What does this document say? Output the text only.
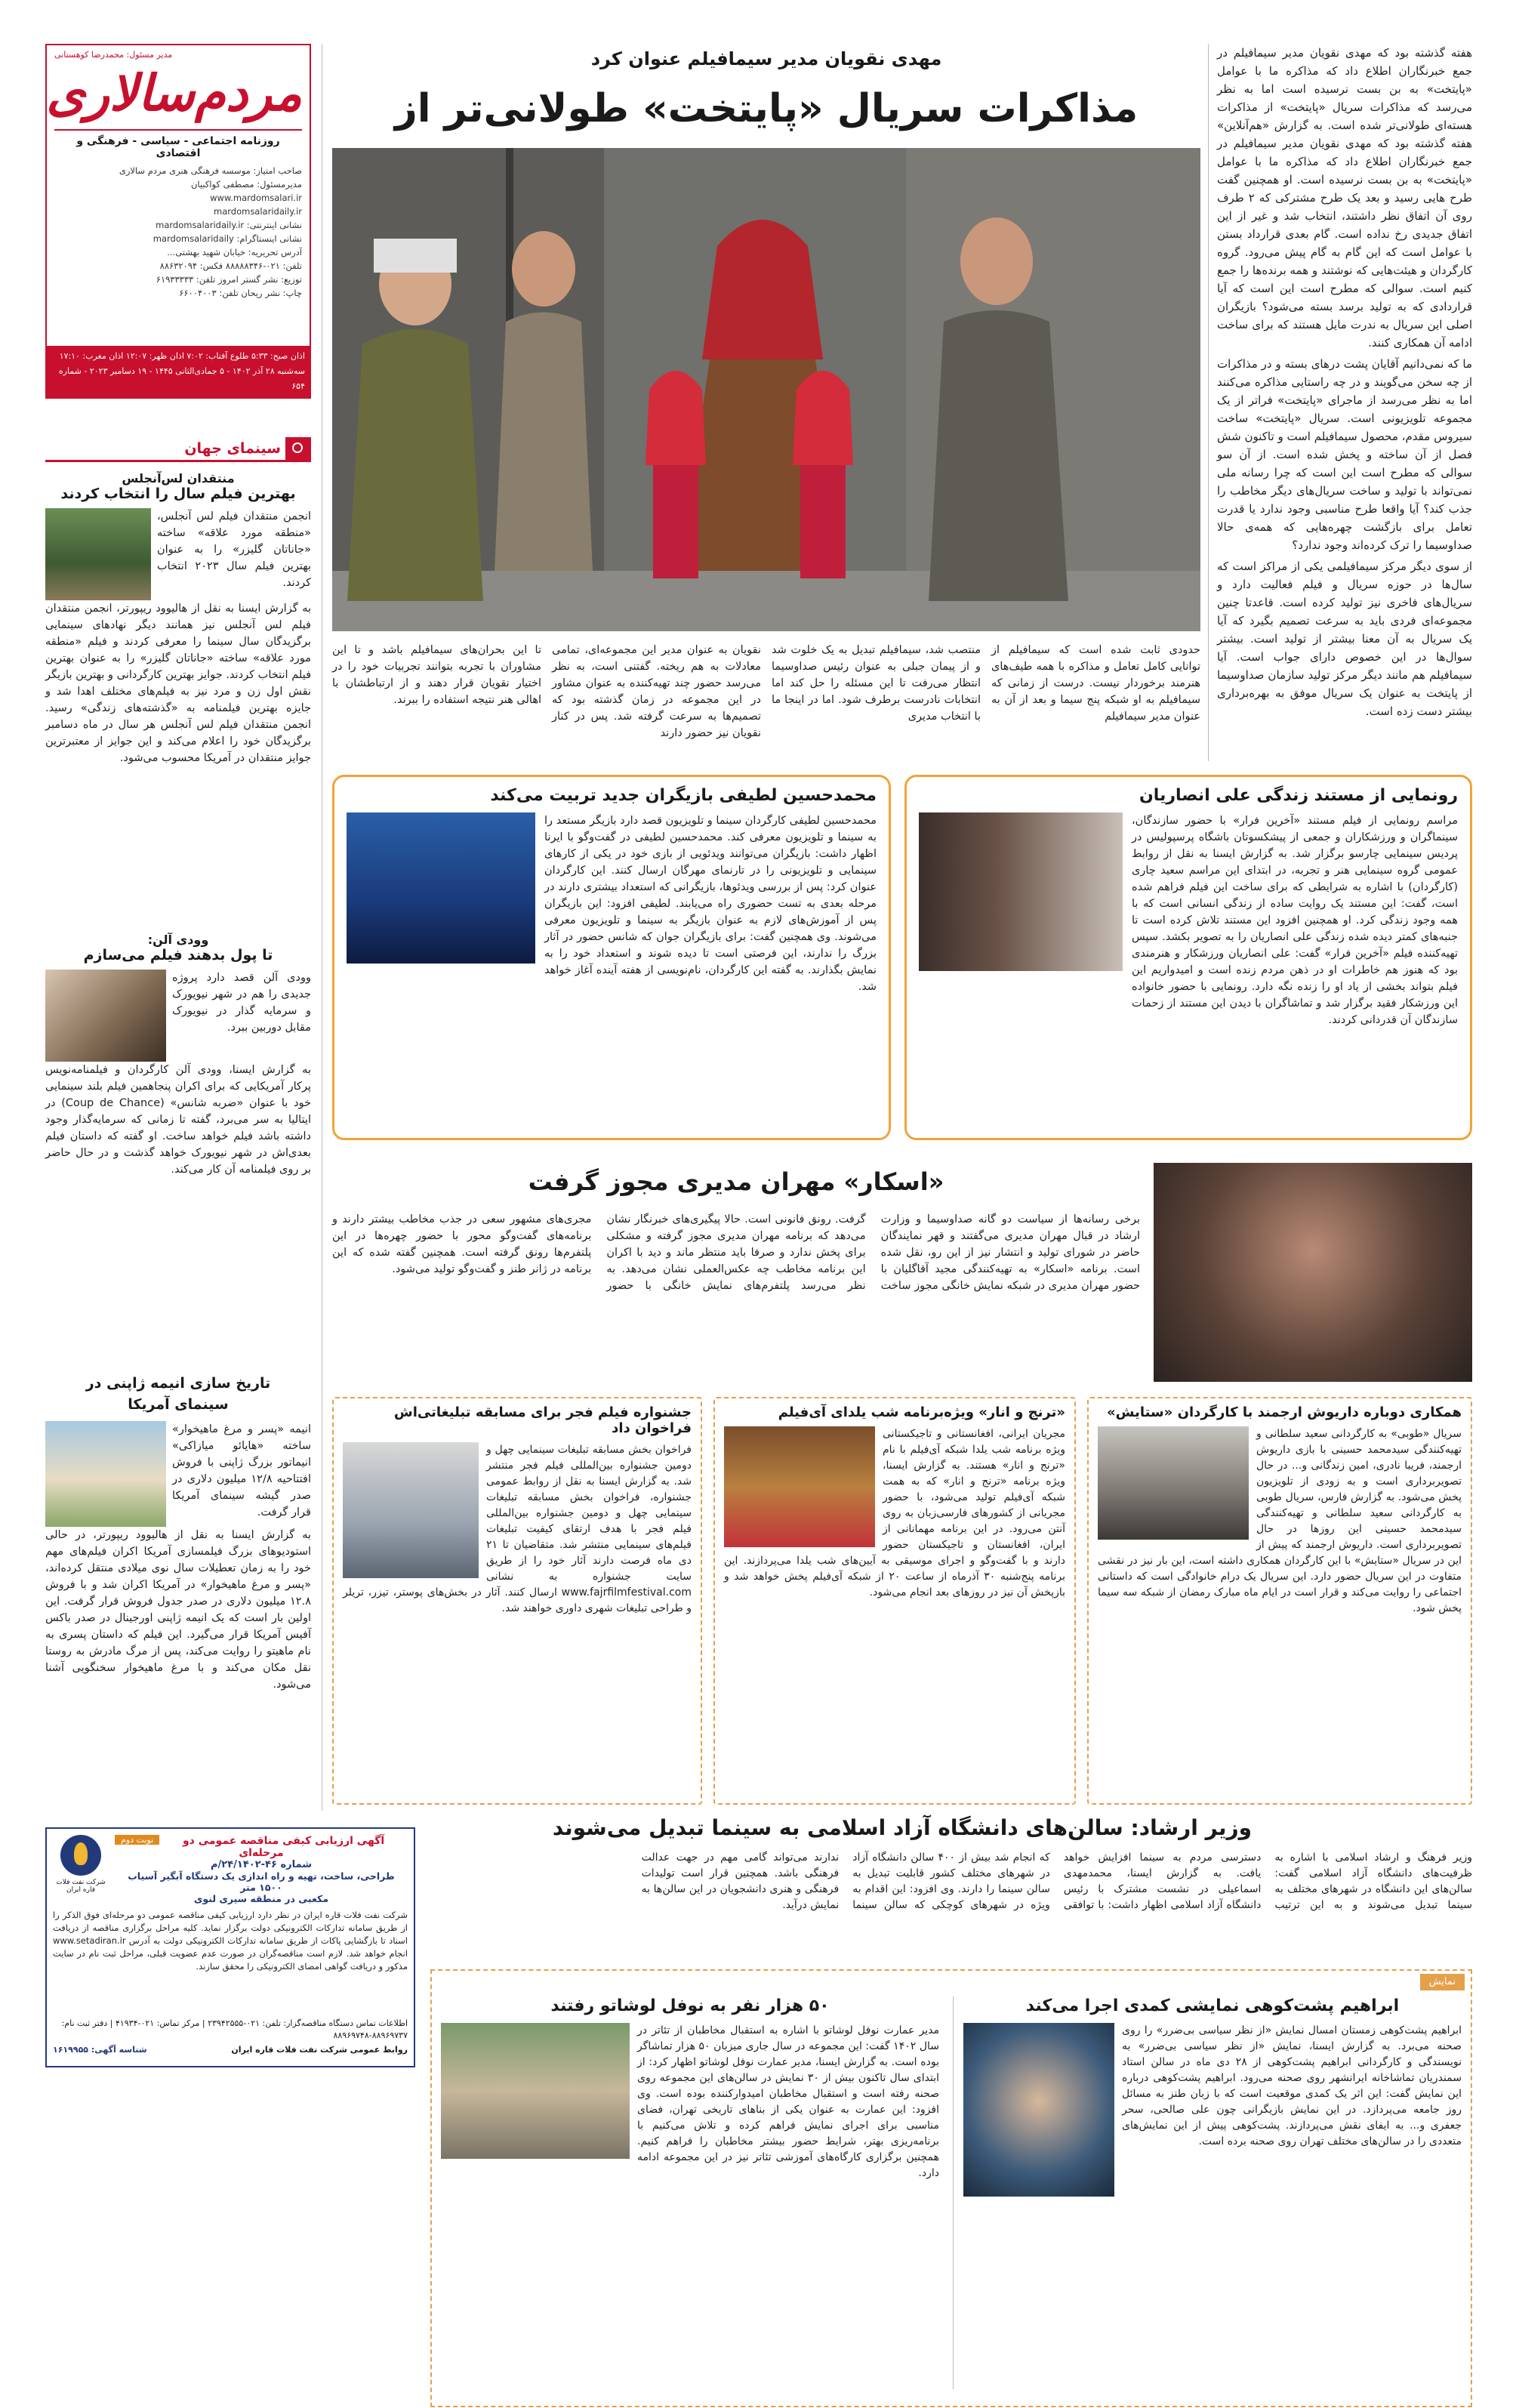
مدیر مسئول: محمدرضا کوهستانی
مردم‌سالاری
روزنامه اجتماعی - سیاسی - فرهنگی و اقتصادی
صاحب امتیاز: موسسه فرهنگی هنری مردم سالاری
مدیرمسئول: مصطفی کواکبیان
www.mardomsalari.ir
mardomsalaridaily.ir
نشانی اینترنتی: mardomsalaridaily.ir
نشانی اینستاگرام: mardomsalaridaily
آدرس تحریریه: خیابان شهید بهشتی...
تلفن: ۰۲۱-۸۸۸۸۸۳۴۶ فکس: ۸۸۶۳۲۰۹۴
توزیع: نشر گستر امروز تلفن: ۶۱۹۳۳۳۳۳
چاپ: نشر ریحان تلفن: ۶۶۰۰۴۰۰۳
اذان صبح: ۵:۳۳ طلوع آفتاب: ۷:۰۲ اذان ظهر: ۱۲:۰۷ اذان مغرب: ۱۷:۱۰
سه‌شنبه ۲۸ آذر ۱۴۰۲ - ۵ جمادی‌الثانی ۱۴۴۵ - ۱۹ دسامبر ۲۰۲۳ - شماره ۶۵۴
سینمای جهان
منتقدان لس‌آنجلس
بهترین فیلم سال را انتخاب کردند
انجمن منتقدان فیلم لس آنجلس، «منطقه مورد علاقه» ساخته «جاناتان گلیزر» را به عنوان بهترین فیلم سال ۲۰۲۳ انتخاب کردند.
به گزارش ایسنا به نقل از هالیوود ریپورتر، انجمن منتقدان فیلم لس آنجلس نیز همانند دیگر نهادهای سینمایی برگزیدگان سال سینما را معرفی کردند و فیلم «منطقه مورد علاقه» ساخته «جاناتان گلیزر» را به عنوان بهترین فیلم انتخاب کردند. جوایز بهترین کارگردانی و بهترین بازیگر نقش اول زن و مرد نیز به فیلم‌های مختلف اهدا شد و جایزه بهترین فیلمنامه به «گذشته‌های زندگی» رسید. انجمن منتقدان فیلم لس آنجلس هر سال در ماه دسامبر برگزیدگان خود را اعلام می‌کند و این جوایز از معتبرترین جوایز منتقدان در آمریکا محسوب می‌شود.
وودی آلن:
تا پول بدهند فیلم می‌سازم
وودی آلن قصد دارد پروژه جدیدی را هم در شهر نیویورک و سرمایه گذار در نیویورک مقابل دوربین ببرد.
به گزارش ایسنا، وودی آلن کارگردان و فیلمنامه‌نویس پرکار آمریکایی که برای اکران پنجاهمین فیلم بلند سینمایی خود با عنوان «ضربه شانس» (Coup de Chance) در ایتالیا به سر می‌برد، گفته تا زمانی که سرمایه‌گذار وجود داشته باشد فیلم خواهد ساخت. او گفته که داستان فیلم بعدی‌اش در شهر نیویورک خواهد گذشت و در حال حاضر بر روی فیلمنامه آن کار می‌کند.
تاریخ سازی انیمه ژاپنی در سینمای آمریکا
انیمه «پسر و مرغ ماهیخوار» ساخته «هایائو میازاکی» انیماتور بزرگ ژاپنی با فروش افتتاحیه ۱۲/۸ میلیون دلاری در صدر گیشه سینمای آمریکا قرار گرفت.
به گزارش ایسنا به نقل از هالیوود ریپورتر، در حالی استودیوهای بزرگ فیلمسازی آمریکا اکران فیلم‌های مهم خود را به زمان تعطیلات سال نوی میلادی منتقل کرده‌اند، «پسر و مرغ ماهیخوار» در آمریکا اکران شد و با فروش ۱۲.۸ میلیون دلاری در صدر جدول فروش قرار گرفت. این اولین بار است که یک انیمه ژاپنی اورجینال در صدر باکس آفیس آمریکا قرار می‌گیرد. این فیلم که داستان پسری به نام ماهیتو را روایت می‌کند، پس از مرگ مادرش به روستا نقل مکان می‌کند و با مرغ ماهیخوار سخنگویی آشنا می‌شود.
نوبت دوم	آگهی ارزیابی کیفی مناقصه عمومی دو مرحله‌ای
شماره ۴۶-۲۴/۱۴۰۲/م
طراحی، ساخت، تهیه و راه اندازی یک دستگاه آبگیر آسیاب ۱۵۰۰ متر
مکعبی در منطقه سیری لنوی
شرکت نفت فلات قاره ایران
شرکت نفت فلات قاره ایران در نظر دارد ارزیابی کیفی مناقصه عمومی دو مرحله‌ای فوق الذکر را از طریق سامانه تدارکات الکترونیکی دولت برگزار نماید. کلیه مراحل برگزاری مناقصه از دریافت اسناد تا بازگشایی پاکات از طریق سامانه تدارکات الکترونیکی دولت به آدرس www.setadiran.ir انجام خواهد شد. لازم است مناقصه‌گران در صورت عدم عضویت قبلی، مراحل ثبت نام در سایت مذکور و دریافت گواهی امضای الکترونیکی را محقق سازند.
اطلاعات تماس دستگاه مناقصه‌گزار: تلفن: ۰۲۱-۲۳۹۴۲۵۵۵ | مرکز تماس: ۰۲۱-۴۱۹۳۴ | دفتر ثبت نام: ۸۸۹۶۹۷۳۷-۸۸۹۶۹۷۴۸
روابط عمومی شرکت نفت فلات قاره ایران
شناسه آگهی: ۱۶۱۹۹۵۵
مهدی نقویان مدیر سیمافیلم عنوان کرد
مذاکرات سریال «پایتخت» طولانی‌تر از

هفته گذشته بود که مهدی نقویان مدیر سیمافیلم در جمع خبرنگاران اطلاع داد که مذاکره ما با عوامل «پایتخت» به بن بست نرسیده است اما به نظر می‌رسد که مذاکرات سریال «پایتخت» از مذاکرات هسته‌ای طولانی‌تر شده است. به گزارش «هم‌آنلاین» هفته گذشته بود که مهدی نقویان مدیر سیمافیلم در جمع خبرنگاران اطلاع داد که مذاکره ما با عوامل «پایتخت» به بن بست نرسیده است. او همچنین گفت طرح هایی رسید و بعد یک طرح مشترکی که ۲ طرف روی آن اتفاق نظر داشتند، انتخاب شد و غیر از این اتفاق جدیدی رخ نداده است. گام بعدی قرارداد بستن با عوامل است که این گام به گام پیش می‌رود. گروه کارگردان و هیئت‌هایی که نوشتند و همه برنده‌ها را جمع کنیم است. سوالی که مطرح است این است که آیا قراردادی که به تولید برسد بسته می‌شود؟ بازیگران اصلی این سریال به ندرت مایل هستند که برای ساخت ادامه آن همکاری کنند.

ما که نمی‌دانیم آقایان پشت درهای بسته و در مذاکرات از چه سخن می‌گویند و در چه راستایی مذاکره می‌کنند اما به نظر می‌رسد از ماجرای «پایتخت» فراتر از یک مجموعه تلویزیونی است. سریال «پایتخت» ساخت سیروس مقدم، محصول سیمافیلم است و تاکنون شش فصل از آن ساخته و پخش شده است. از آن سو سوالی که مطرح است این است که چرا رسانه ملی نمی‌تواند با تولید و ساخت سریال‌های دیگر مخاطب را جذب کند؟ آیا واقعا طرح مناسبی وجود ندارد یا قدرت تعامل برای بازگشت چهره‌هایی که همه‌ی حالا صداوسیما را ترک کرده‌اند وجود ندارد؟

از سوی دیگر مرکز سیمافیلمی یکی از مراکز است که سال‌ها در حوزه سریال و فیلم فعالیت دارد و سریال‌های فاخری نیز تولید کرده است. قاعدتا چنین مجموعه‌ای فردی باید به سرعت تصمیم بگیرد که آیا یک سریال به آن معنا بیشتر از تولید است. بیشتر سوال‌ها در این خصوص دارای جواب است. آیا سیمافیلم هم مانند دیگر مرکز تولید سازمان صداوسیما از پایتخت به عنوان یک سریال موفق به بهره‌برداری بیشتر دست زده است.

حدودی ثابت شده است که سیمافیلم از توانایی کامل تعامل و مذاکره با همه طیف‌های هنرمند برخوردار نیست. درست از زمانی که سیمافیلم به او شبکه پنج سیما و بعد از آن به عنوان مدیر سیمافیلم
منتصب شد، سیمافیلم تبدیل به یک خلوت شد و از پیمان جبلی به عنوان رئیس صداوسیما انتظار می‌رفت تا این مسئله را حل کند اما انتخابات نادرست برطرف شود. اما در اینجا ما با انتخاب مدیری
نقویان به عنوان مدیر این مجموعه‌ای، تمامی معادلات به هم ریخته. گفتنی است، به نظر می‌رسد حضور چند تهیه‌کننده به عنوان مشاور در این مجموعه در زمان گذشته بود که تصمیم‌ها به سرعت گرفته شد. پس در کنار نقویان نیز حضور دارند
تا این بحران‌های سیمافیلم باشد و تا این مشاوران با تجربه بتوانند تجربیات خود را در اختیار نقویان قرار دهند و از ارتباطشان با اهالی هنر نتیجه استفاده را ببرند.
رونمایی از مستند زندگی علی انصاریان
مراسم رونمایی از فیلم مستند «آخرین فرار» با حضور سازندگان، سینماگران و ورزشکاران و جمعی از پیشکسوتان باشگاه پرسپولیس در پردیس سینمایی چارسو برگزار شد. به گزارش ایسنا به نقل از روابط عمومی گروه سینمایی هنر و تجربه، در ابتدای این مراسم سعید چاری (کارگردان) با اشاره به شرایطی که برای ساخت این فیلم فراهم شده است، گفت: این مستند یک روایت ساده از زندگی انسانی است که با همه وجود زندگی کرد. او همچنین افزود این مستند تلاش کرده است تا جنبه‌های کمتر دیده شده زندگی علی انصاریان را به تصویر بکشد. سپس تهیه‌کننده فیلم «آخرین فرار» گفت: علی انصاریان ورزشکار و هنرمندی بود که هنوز هم خاطرات او در ذهن مردم زنده است و امیدواریم این فیلم بتواند بخشی از یاد او را زنده نگه دارد. رونمایی با حضور خانواده این ورزشکار فقید برگزار شد و تماشاگران با دیدن این مستند از زحمات سازندگان آن قدردانی کردند.
محمدحسین لطیفی بازیگران جدید تربیت می‌کند
محمدحسین لطیفی کارگردان سینما و تلویزیون قصد دارد بازیگر مستعد را به سینما و تلویزیون معرفی کند. محمدحسین لطیفی در گفت‌وگو با ایرنا اظهار داشت: بازیگران می‌توانند ویدئویی از بازی خود در یکی از کارهای سینمایی و تلویزیونی را در تارنمای مهرگان ارسال کنند. این کارگردان عنوان کرد: پس از بررسی ویدئوها، بازیگرانی که استعداد بیشتری دارند در مرحله بعدی به تست حضوری راه می‌یابند. لطیفی افزود: این بازیگران پس از آموزش‌های لازم به عنوان بازیگر به سینما و تلویزیون معرفی می‌شوند. وی همچنین گفت: برای بازیگران جوان که شانس حضور در آثار بزرگ را ندارند، این فرصتی است تا دیده شوند و استعداد خود را به نمایش بگذارند. به گفته این کارگردان، نام‌نویسی از هفته آینده آغاز خواهد شد.
«اسکار» مهران مدیری مجوز گرفت
برخی رسانه‌ها از سیاست دو گانه صداوسیما و وزارت ارشاد در قبال مهران مدیری می‌گفتند و قهر نمایندگان حاضر در شورای تولید و انتشار نیز از این رو، نقل شده است. برنامه «اسکار» به تهیه‌کنندگی مجید آقاگلیان با حضور مهران مدیری در شبکه نمایش خانگی مجوز ساخت گرفت. رونق فانونی است. حالا پیگیری‌های خبرنگار نشان می‌دهد که برنامه مهران مدیری مجوز گرفته و مشکلی برای پخش ندارد و صرفا باید منتظر ماند و دید با اکران این برنامه مخاطب چه عکس‌العملی نشان می‌دهد. به نظر می‌رسد پلتفرم‌های نمایش خانگی با حضور مجری‌های مشهور سعی در جذب مخاطب بیشتر دارند و برنامه‌های گفت‌وگو محور با حضور چهره‌ها در این پلتفرم‌ها رونق گرفته است. همچنین گفته شده که این برنامه در ژانر طنز و گفت‌وگو تولید می‌شود.
همکاری دوباره داریوش ارجمند با کارگردان «ستایش»
سریال «طوبی» به کارگردانی سعید سلطانی و تهیه‌کنندگی سیدمحمد حسینی با بازی داریوش ارجمند، فریبا نادری، امین زندگانی و... در حال تصویربرداری است و به زودی از تلویزیون پخش می‌شود. به گزارش فارس، سریال طوبی به کارگردانی سعید سلطانی و تهیه‌کنندگی سیدمحمد حسینی این روزها در حال تصویربرداری است. داریوش ارجمند که پیش از این در سریال «ستایش» با این کارگردان همکاری داشته است، این بار نیز در نقشی متفاوت در این سریال حضور دارد. این سریال یک درام خانوادگی است که داستانی اجتماعی را روایت می‌کند و قرار است در ایام ماه مبارک رمضان از شبکه سه سیما پخش شود.
«ترنج و انار» ویژه‌برنامه شب یلدای آی‌فیلم
مجریان ایرانی، افغانستانی و تاجیکستانی ویژه برنامه شب یلدا شبکه آی‌فیلم با نام «ترنج و انار» هستند. به گزارش ایسنا، ویژه برنامه «ترنج و انار» که به همت شبکه آی‌فیلم تولید می‌شود، با حضور مجریانی از کشورهای فارسی‌زبان به روی آنتن می‌رود. در این برنامه مهمانانی از ایران، افغانستان و تاجیکستان حضور دارند و با گفت‌وگو و اجرای موسیقی به آیین‌های شب یلدا می‌پردازند. این برنامه پنج‌شنبه ۳۰ آذرماه از ساعت ۲۰ از شبکه آی‌فیلم پخش خواهد شد و بازپخش آن نیز در روزهای بعد انجام می‌شود.
جشنواره فیلم فجر برای مسابقه تبلیغاتی‌اش فراخوان داد
فراخوان بخش مسابقه تبلیغات سینمایی چهل و دومین جشنواره بین‌المللی فیلم فجر منتشر شد. به گزارش ایسنا به نقل از روابط عمومی جشنواره، فراخوان بخش مسابقه تبلیغات سینمایی چهل و دومین جشنواره بین‌المللی فیلم فجر با هدف ارتقای کیفیت تبلیغات فیلم‌های سینمایی منتشر شد. متقاضیان تا ۲۱ دی ماه فرصت دارند آثار خود را از طریق سایت جشنواره به نشانی www.fajrfilmfestival.com ارسال کنند. آثار در بخش‌های پوستر، تیزر، تریلر و طراحی تبلیغات شهری داوری خواهند شد.
وزیر ارشاد: سالن‌های دانشگاه آزاد اسلامی به سینما تبدیل می‌شوند
وزیر فرهنگ و ارشاد اسلامی با اشاره به ظرفیت‌های دانشگاه آزاد اسلامی گفت: سالن‌های این دانشگاه در شهرهای مختلف به سینما تبدیل می‌شوند و به این ترتیب دسترسی مردم به سینما افزایش خواهد یافت. به گزارش ایسنا، محمدمهدی اسماعیلی در نشست مشترک با رئیس دانشگاه آزاد اسلامی اظهار داشت: با توافقی که انجام شد بیش از ۴۰۰ سالن دانشگاه آزاد در شهرهای مختلف کشور قابلیت تبدیل به سالن سینما را دارند. وی افزود: این اقدام به ویژه در شهرهای کوچکی که سالن سینما ندارند می‌تواند گامی مهم در جهت عدالت فرهنگی باشد. همچنین قرار است تولیدات فرهنگی و هنری دانشجویان در این سالن‌ها به نمایش درآید.
نمایش
ابراهیم پشت‌کوهی نمایشی کمدی اجرا می‌کند
ابراهیم پشت‌کوهی زمستان امسال نمایش «از نظر سیاسی بی‌ضرر» را روی صحنه می‌برد. به گزارش ایسنا، نمایش «از نظر سیاسی بی‌ضرر» به نویسندگی و کارگردانی ابراهیم پشت‌کوهی از ۲۸ دی ماه در سالن استاد سمندریان تماشاخانه ایرانشهر روی صحنه می‌رود. ابراهیم پشت‌کوهی درباره این نمایش گفت: این اثر یک کمدی موقعیت است که با زبان طنز به مسائل روز جامعه می‌پردازد. در این نمایش بازیگرانی چون علی صالحی، سحر جعفری و... به ایفای نقش می‌پردازند. پشت‌کوهی پیش از این نمایش‌های متعددی را در سالن‌های مختلف تهران روی صحنه برده است.
۵۰ هزار نفر به نوفل لوشاتو رفتند
مدیر عمارت نوفل لوشاتو با اشاره به استقبال مخاطبان از تئاتر در سال ۱۴۰۲ گفت: این مجموعه در سال جاری میزبان ۵۰ هزار تماشاگر بوده است. به گزارش ایسنا، مدیر عمارت نوفل لوشاتو اظهار کرد: از ابتدای سال تاکنون بیش از ۳۰ نمایش در سالن‌های این مجموعه روی صحنه رفته است و استقبال مخاطبان امیدوارکننده بوده است. وی افزود: این عمارت به عنوان یکی از بناهای تاریخی تهران، فضای مناسبی برای اجرای نمایش فراهم کرده و تلاش می‌کنیم با برنامه‌ریزی بهتر، شرایط حضور بیشتر مخاطبان را فراهم کنیم. همچنین برگزاری کارگاه‌های آموزشی تئاتر نیز در این مجموعه ادامه دارد.
